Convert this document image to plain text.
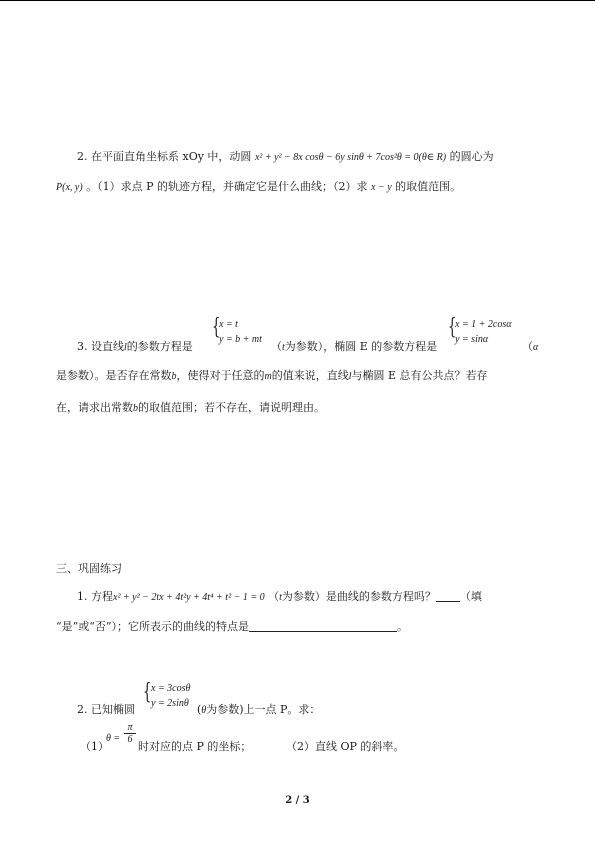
2. 在平面直角坐标系 xOy 中，动圆 x² + y² − 8x cosθ − 6y sinθ + 7cos²θ = 0(θ∈ R) 的圆心为
P(x, y) 。（1）求点 P 的轨迹方程，并确定它是什么曲线；（2）求 x − y 的取值范围。
{
x = t
y = b + mt	{
x = 1 + 2cosα
y = sinα
3. 设直线l的参数方程是	（t为参数），椭圆 E 的参数方程是	（α
是参数）。是否存在常数b，使得对于任意的m的值来说，直线l与椭圆 E 总有公共点？若存
在，请求出常数b的取值范围；若不存在，请说明理由。
三、巩固练习
1. 方程x² + y² − 2tx + 4t²y + 4t⁴ + t² − 1 = 0 （t为参数）是曲线的参数方程吗？ （填
“是”或“否”）；它所表示的曲线的特点是	。
{ x = 3cosθ
y = 2sinθ
2. 已知椭圆	(θ为参数)上一点 P。求：
（1）
$\theta = \frac{\pi}{6}$
时对应的点 P 的坐标；	（2）直线 OP 的斜率。
2 / 3
